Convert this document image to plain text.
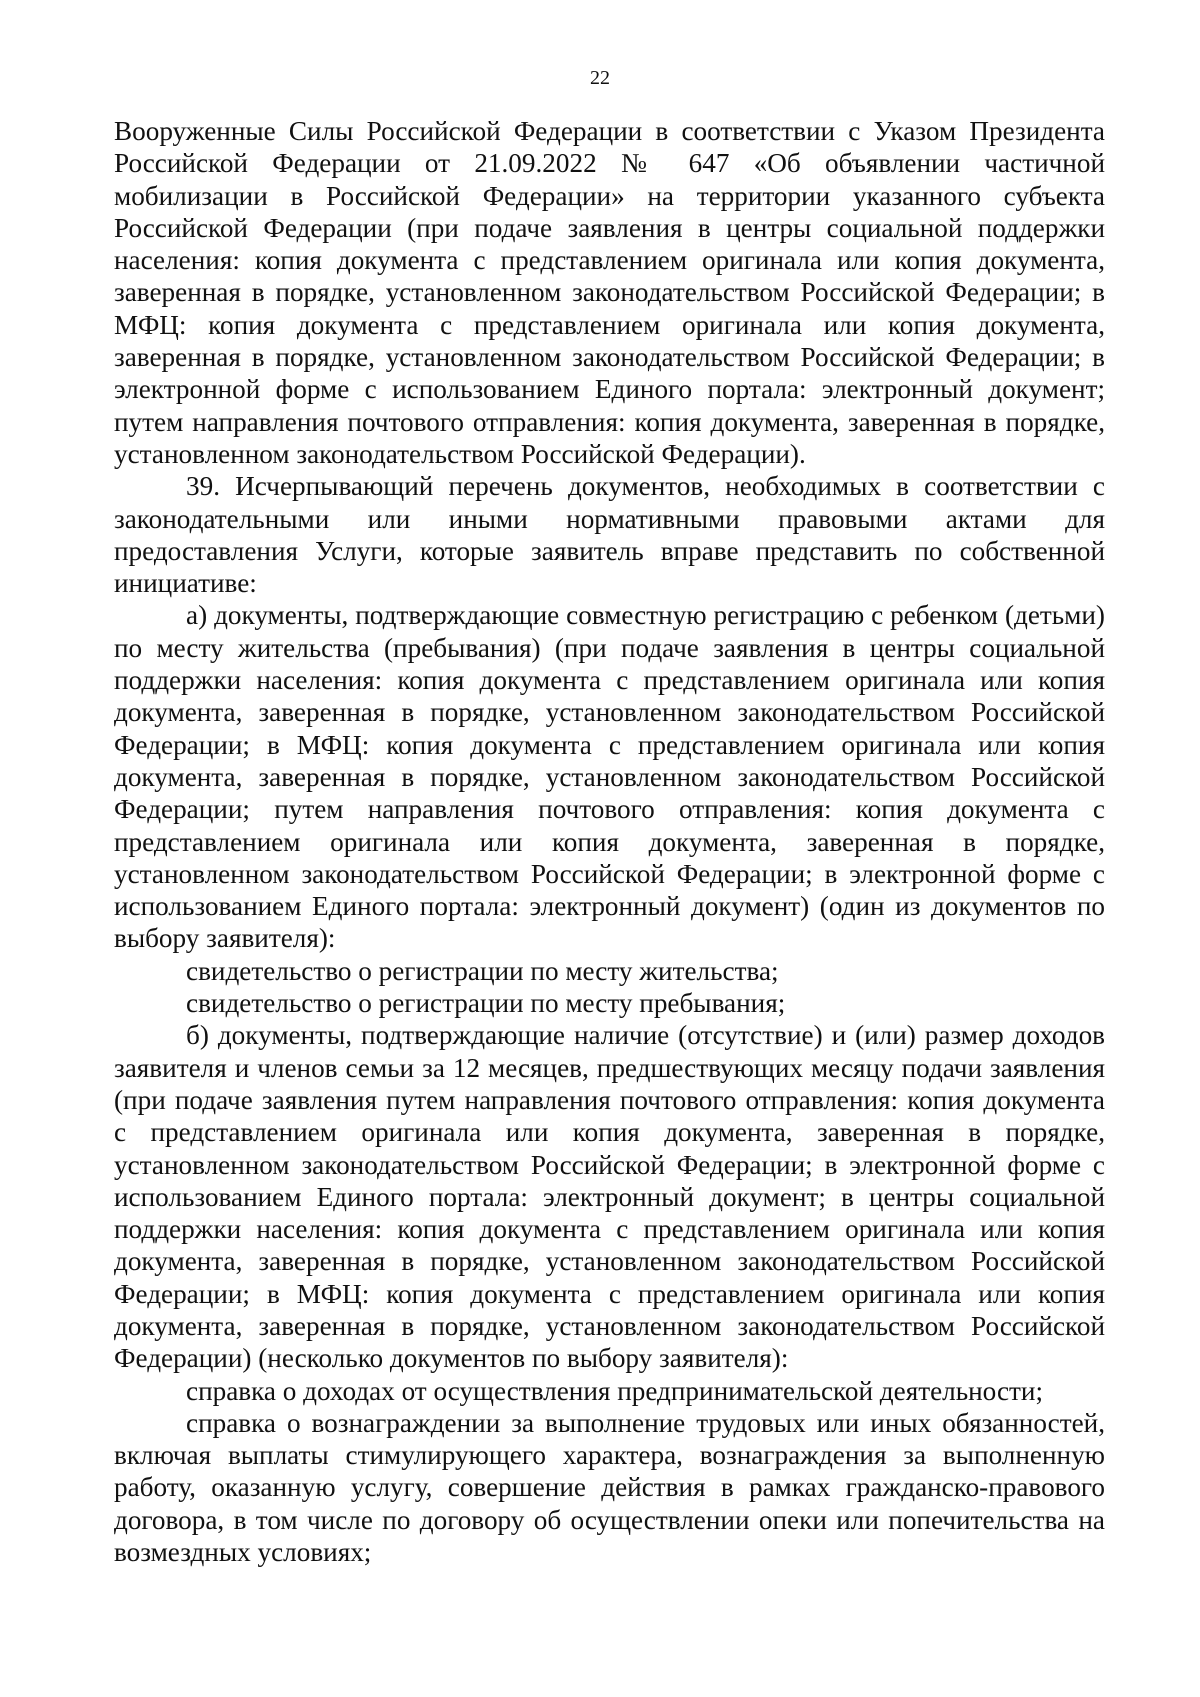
22

Вооруженные Силы Российской Федерации в соответствии с Указом Президента Российской Федерации от 21.09.2022 № 647 «Об объявлении частичной мобилизации в Российской Федерации» на территории указанного субъекта Российской Федерации (при подаче заявления в центры социальной поддержки населения: копия документа с представлением оригинала или копия документа, заверенная в порядке, установленном законодательством Российской Федерации; в МФЦ: копия документа с представлением оригинала или копия документа, заверенная в порядке, установленном законодательством Российской Федерации; в электронной форме с использованием Единого портала: электронный документ; путем направления почтового отправления: копия документа, заверенная в порядке, установленном законодательством Российской Федерации).

39. Исчерпывающий перечень документов, необходимых в соответствии с законодательными или иными нормативными правовыми актами для предоставления Услуги, которые заявитель вправе представить по собственной инициативе:

а) документы, подтверждающие совместную регистрацию с ребенком (детьми) по месту жительства (пребывания) (при подаче заявления в центры социальной поддержки населения: копия документа с представлением оригинала или копия документа, заверенная в порядке, установленном законодательством Российской Федерации; в МФЦ: копия документа с представлением оригинала или копия документа, заверенная в порядке, установленном законодательством Российской Федерации; путем направления почтового отправления: копия документа с представлением оригинала или копия документа, заверенная в порядке, установленном законодательством Российской Федерации; в электронной форме с использованием Единого портала: электронный документ) (один из документов по выбору заявителя):

свидетельство о регистрации по месту жительства;

свидетельство о регистрации по месту пребывания;

б) документы, подтверждающие наличие (отсутствие) и (или) размер доходов заявителя и членов семьи за 12 месяцев, предшествующих месяцу подачи заявления (при подаче заявления путем направления почтового отправления: копия документа с представлением оригинала или копия документа, заверенная в порядке, установленном законодательством Российской Федерации; в электронной форме с использованием Единого портала: электронный документ; в центры социальной поддержки населения: копия документа с представлением оригинала или копия документа, заверенная в порядке, установленном законодательством Российской Федерации; в МФЦ: копия документа с представлением оригинала или копия документа, заверенная в порядке, установленном законодательством Российской Федерации) (несколько документов по выбору заявителя):

справка о доходах от осуществления предпринимательской деятельности;

справка о вознаграждении за выполнение трудовых или иных обязанностей, включая выплаты стимулирующего характера, вознаграждения за выполненную работу, оказанную услугу, совершение действия в рамках гражданско-правового договора, в том числе по договору об осуществлении опеки или попечительства на возмездных условиях;
